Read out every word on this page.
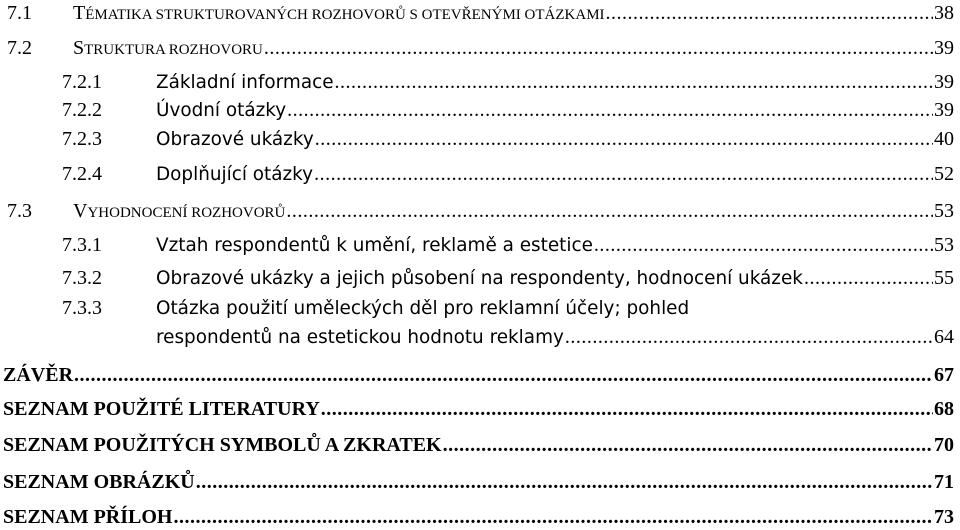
7.1	TÉMATIKA STRUKTUROVANÝCH ROZHOVORŮ S OTEVŘENÝMI OTÁZKAMI .....	38
7.2	STRUKTURA ROZHOVORU .....	39
7.2.1	Základní informace .....	39
7.2.2	Úvodní otázky .....	39
7.2.3	Obrazové ukázky .....	40
7.2.4	Doplňující otázky .....	52
7.3	VYHODNOCENÍ ROZHOVORŮ .....	53
7.3.1	Vztah respondentů k umění, reklamě a estetice .....	53
7.3.2	Obrazové ukázky a jejich působení na respondenty, hodnocení ukázek .....	55
7.3.3	Otázka použití uměleckých děl pro reklamní účely; pohled
respondentů na estetickou hodnotu reklamy .....	64
ZÁVĚR .....	67
SEZNAM POUŽITÉ LITERATURY .....	68
SEZNAM POUŽITÝCH SYMBOLŮ A ZKRATEK .....	70
SEZNAM OBRÁZKŮ .....	71
SEZNAM PŘÍLOH .....	73
